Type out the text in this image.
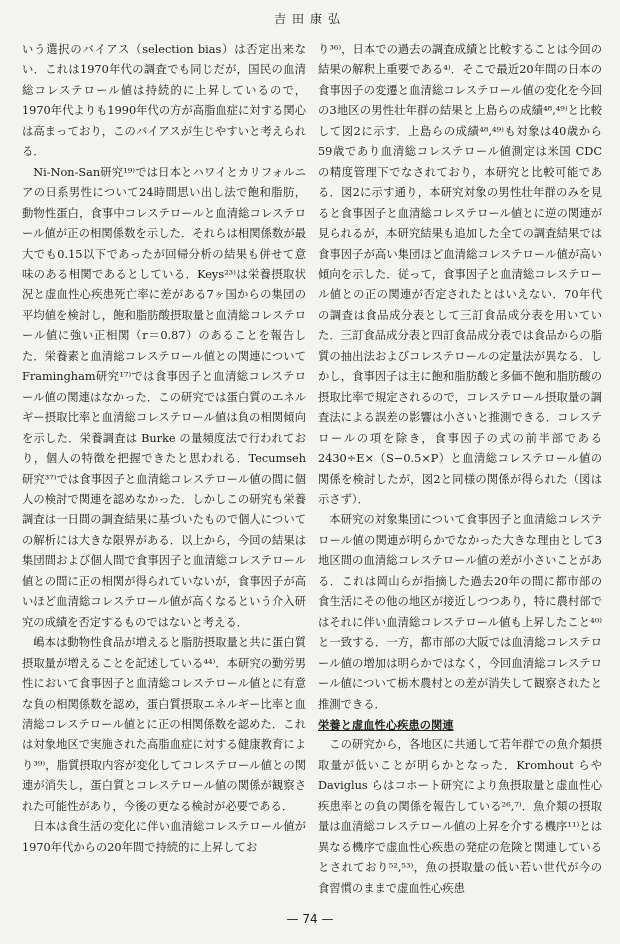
吉田康弘

いう選択のバイアス（selection bias）は否定出来ない．これは1970年代の調査でも同じだが，国民の血清総コレステロール値は持続的に上昇しているので，1970年代よりも1990年代の方が高脂血症に対する関心は高まっており，このバイアスが生じやすいと考えられる．

Ni-Non-San研究¹⁹⁾では日本とハワイとカリフォルニアの日系男性について24時間思い出し法で飽和脂肪，動物性蛋白，食事中コレステロールと血清総コレステロール値が正の相関係数を示した．それらは相関係数が最大でも0.15以下であったが回帰分析の結果も併せて意味のある相関であるとしている．Keys²³⁾は栄養摂取状況と虚血性心疾患死亡率に差がある7ヶ国からの集団の平均値を検討し，飽和脂肪酸摂取量と血清総コレステロール値に強い正相関（r＝0.87）のあることを報告した．栄養素と血清総コレステロール値との関連について Framingham研究¹⁷⁾では食事因子と血清総コレステロール値の関連はなかった．この研究では蛋白質のエネルギー摂取比率と血清総コレステロール値は負の相関傾向を示した．栄養調査は Burke の量頻度法で行われており，個人の特徴を把握できたと思われる．Tecumseh 研究³⁷⁾では食事因子と血清総コレステロール値の間に個人の検討で関連を認めなかった．しかしこの研究も栄養調査は一日間の調査結果に基づいたもので個人についての解析には大きな限界がある．以上から，今回の結果は集団間および個人間で食事因子と血清総コレステロール値との間に正の相関が得られていないが，食事因子が高いほど血清総コレステロール値が高くなるという介入研究の成績を否定するものではないと考える．

嶋本は動物性食品が増えると脂肪摂取量と共に蛋白質摂取量が増えることを記述している⁴⁴⁾．本研究の勤労男性において食事因子と血清総コレステロール値とに有意な負の相関係数を認め，蛋白質摂取エネルギー比率と血清総コレステロール値とに正の相関係数を認めた．これは対象地区で実施された高脂血症に対する健康教育により³⁹⁾，脂質摂取内容が変化してコレステロール値との関連が消失し，蛋白質とコレステロール値の関係が観察された可能性があり，今後の更なる検討が必要である．

日本は食生活の変化に伴い血清総コレステロール値が1970年代からの20年間で持続的に上昇してお

り³⁶⁾，日本での過去の調査成績と比較することは今回の結果の解釈上重要である⁴⁾．そこで最近20年間の日本の食事因子の変遷と血清総コレステロール値の変化を今回の3地区の男性壮年群の結果と上島らの成績⁴⁸,⁴⁹⁾と比較して図2に示す．上島らの成績⁴⁸,⁴⁹⁾も対象は40歳から59歳であり血清総コレステロール値測定は米国 CDC の精度管理下でなされており，本研究と比較可能である．図2に示す通り，本研究対象の男性壮年群のみを見ると食事因子と血清総コレステロール値とに逆の関連が見られるが，本研究結果も追加した全ての調査結果では食事因子が高い集団ほど血清総コレステロール値が高い傾向を示した．従って，食事因子と血清総コレステロール値との正の関連が否定されたとはいえない．70年代の調査は食品成分表として三訂食品成分表を用いていた．三訂食品成分表と四訂食品成分表では食品からの脂質の抽出法およびコレステロールの定量法が異なる．しかし，食事因子は主に飽和脂肪酸と多価不飽和脂肪酸の摂取比率で規定されるので，コレステロール摂取量の調査法による誤差の影響は小さいと推測できる．コレステロールの項を除き，食事因子の式の前半部である2430÷E×（S−0.5×P）と血清総コレステロール値の関係を検討したが，図2と同様の関係が得られた（図は示さず）．

本研究の対象集団について食事因子と血清総コレステロール値の関連が明らかでなかった大きな理由として3地区間の血清総コレステロール値の差が小さいことがある．これは岡山らが指摘した過去20年の間に都市部の食生活にその他の地区が接近しつつあり，特に農村部ではそれに伴い血清総コレステロール値も上昇したこと⁴⁰⁾と一致する．一方，都市部の大阪では血清総コレステロール値の増加は明らかではなく，今回血清総コレステロール値について栃木農村との差が消失して観察されたと推測できる．

栄養と虚血性心疾患の関連

この研究から，各地区に共通して若年群での魚介類摂取量が低いことが明らかとなった．Kromhout らや Daviglus らはコホート研究により魚摂取量と虚血性心疾患率との負の関係を報告している²⁶,⁷⁾．魚介類の摂取量は血清総コレステロール値の上昇を介する機序¹¹⁾とは異なる機序で虚血性心疾患の発症の危険と関連しているとされており⁵²,⁵³⁾，魚の摂取量の低い若い世代が今の食習慣のままで虚血性心疾患

— 74 —
